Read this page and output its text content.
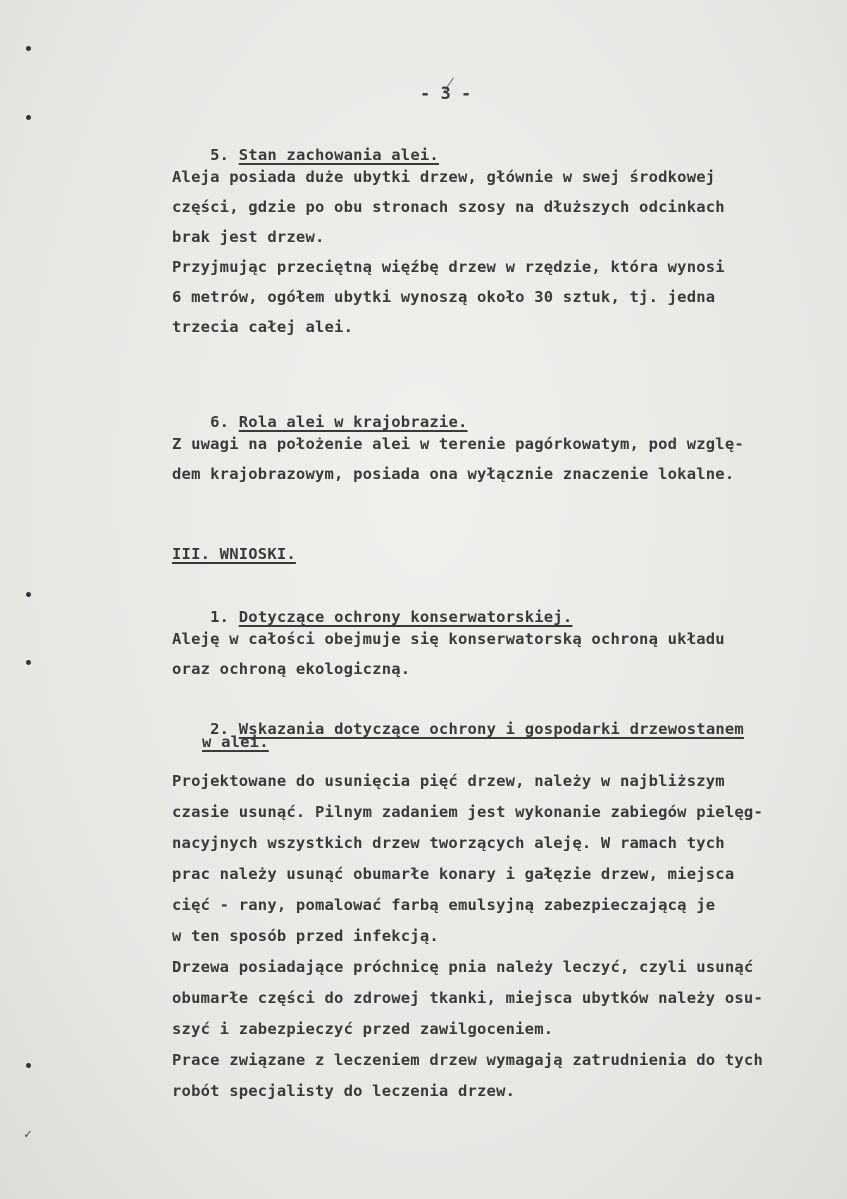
✓
- 3 -

5. Stan zachowania alei.

Aleja posiada duże ubytki drzew, głównie w swej środkowej
części, gdzie po obu stronach szosy na dłuższych odcinkach
brak jest drzew.
Przyjmując przeciętną więźbę drzew w rzędzie, która wynosi
6 metrów, ogółem ubytki wynoszą około 30 sztuk, tj. jedna
trzecia całej alei.

6. Rola alei w krajobrazie.

Z uwagi na położenie alei w terenie pagórkowatym, pod wzglę-
dem krajobrazowym, posiada ona wyłącznie znaczenie lokalne.
III. WNIOSKI.

1. Dotyczące ochrony konserwatorskiej.

Aleję w całości obejmuje się konserwatorską ochroną układu
oraz ochroną ekologiczną.

2. Wskazania dotyczące ochrony i gospodarki drzewostanem

w alei.
Projektowane do usunięcia pięć drzew, należy w najbliższym
czasie usunąć. Pilnym zadaniem jest wykonanie zabiegów pielęg-
nacyjnych wszystkich drzew tworzących aleję. W ramach tych
prac należy usunąć obumarłe konary i gałęzie drzew, miejsca
cięć - rany, pomalować farbą emulsyjną zabezpieczającą je
w ten sposób przed infekcją.
Drzewa posiadające próchnicę pnia należy leczyć, czyli usunąć
obumarłe części do zdrowej tkanki, miejsca ubytków należy osu-
szyć i zabezpieczyć przed zawilgoceniem.
Prace związane z leczeniem drzew wymagają zatrudnienia do tych
robót specjalisty do leczenia drzew.
